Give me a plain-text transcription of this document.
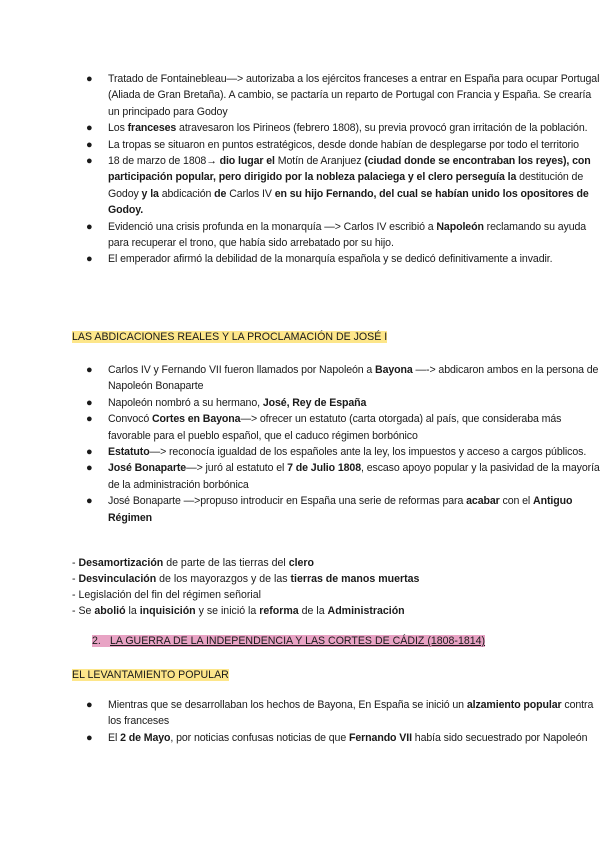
● Tratado de Fontainebleau—> autorizaba a los ejércitos franceses a entrar en España para ocupar Portugal (Aliada de Gran Bretaña). A cambio, se pactaría un reparto de Portugal con Francia y España. Se crearía un principado para Godoy
● Los franceses atravesaron los Pirineos (febrero 1808), su previa provocó gran irritación de la población.
● La tropas se situaron en puntos estratégicos, desde donde habían de desplegarse por todo el territorio
● 18 de marzo de 1808→ dio lugar el Motín de Aranjuez (ciudad donde se encontraban los reyes), con participación popular, pero dirigido por la nobleza palaciega y el clero perseguía la destitución de Godoy y la abdicación de Carlos IV en su hijo Fernando, del cual se habían unido los opositores de Godoy.
● Evidenció una crisis profunda en la monarquía —> Carlos IV escribió a Napoleón reclamando su ayuda para recuperar el trono, que había sido arrebatado por su hijo.
● El emperador afirmó la debilidad de la monarquía española y se dedicó definitivamente a invadir.
LAS ABDICACIONES REALES Y LA PROCLAMACIÓN DE JOSÉ I
● Carlos IV y Fernando VII fueron llamados por Napoleón a Bayona —-> abdicaron ambos en la persona de Napoleón Bonaparte
● Napoleón nombró a su hermano, José, Rey de España
● Convocó Cortes en Bayona—> ofrecer un estatuto (carta otorgada) al país, que consideraba más favorable para el pueblo español, que el caduco régimen borbónico
● Estatuto—> reconocía igualdad de los españoles ante la ley, los impuestos y acceso a cargos públicos.
● José Bonaparte—> juró al estatuto el 7 de Julio 1808, escaso apoyo popular y la pasividad de la mayoría de la administración borbónica
● José Bonaparte —>propuso introducir en España una serie de reformas para acabar con el Antiguo Régimen
- Desamortización de parte de las tierras del clero
- Desvinculación de los mayorazgos y de las tierras de manos muertas
- Legislación del fin del régimen señorial
- Se abolió la inquisición y se inició la reforma de la Administración
2. LA GUERRA DE LA INDEPENDENCIA Y LAS CORTES DE CÁDIZ (1808-1814)
EL LEVANTAMIENTO POPULAR
● Mientras que se desarrollaban los hechos de Bayona, En España se inició un alzamiento popular contra los franceses
● El 2 de Mayo, por noticias confusas noticias de que Fernando VII había sido secuestrado por Napoleón
